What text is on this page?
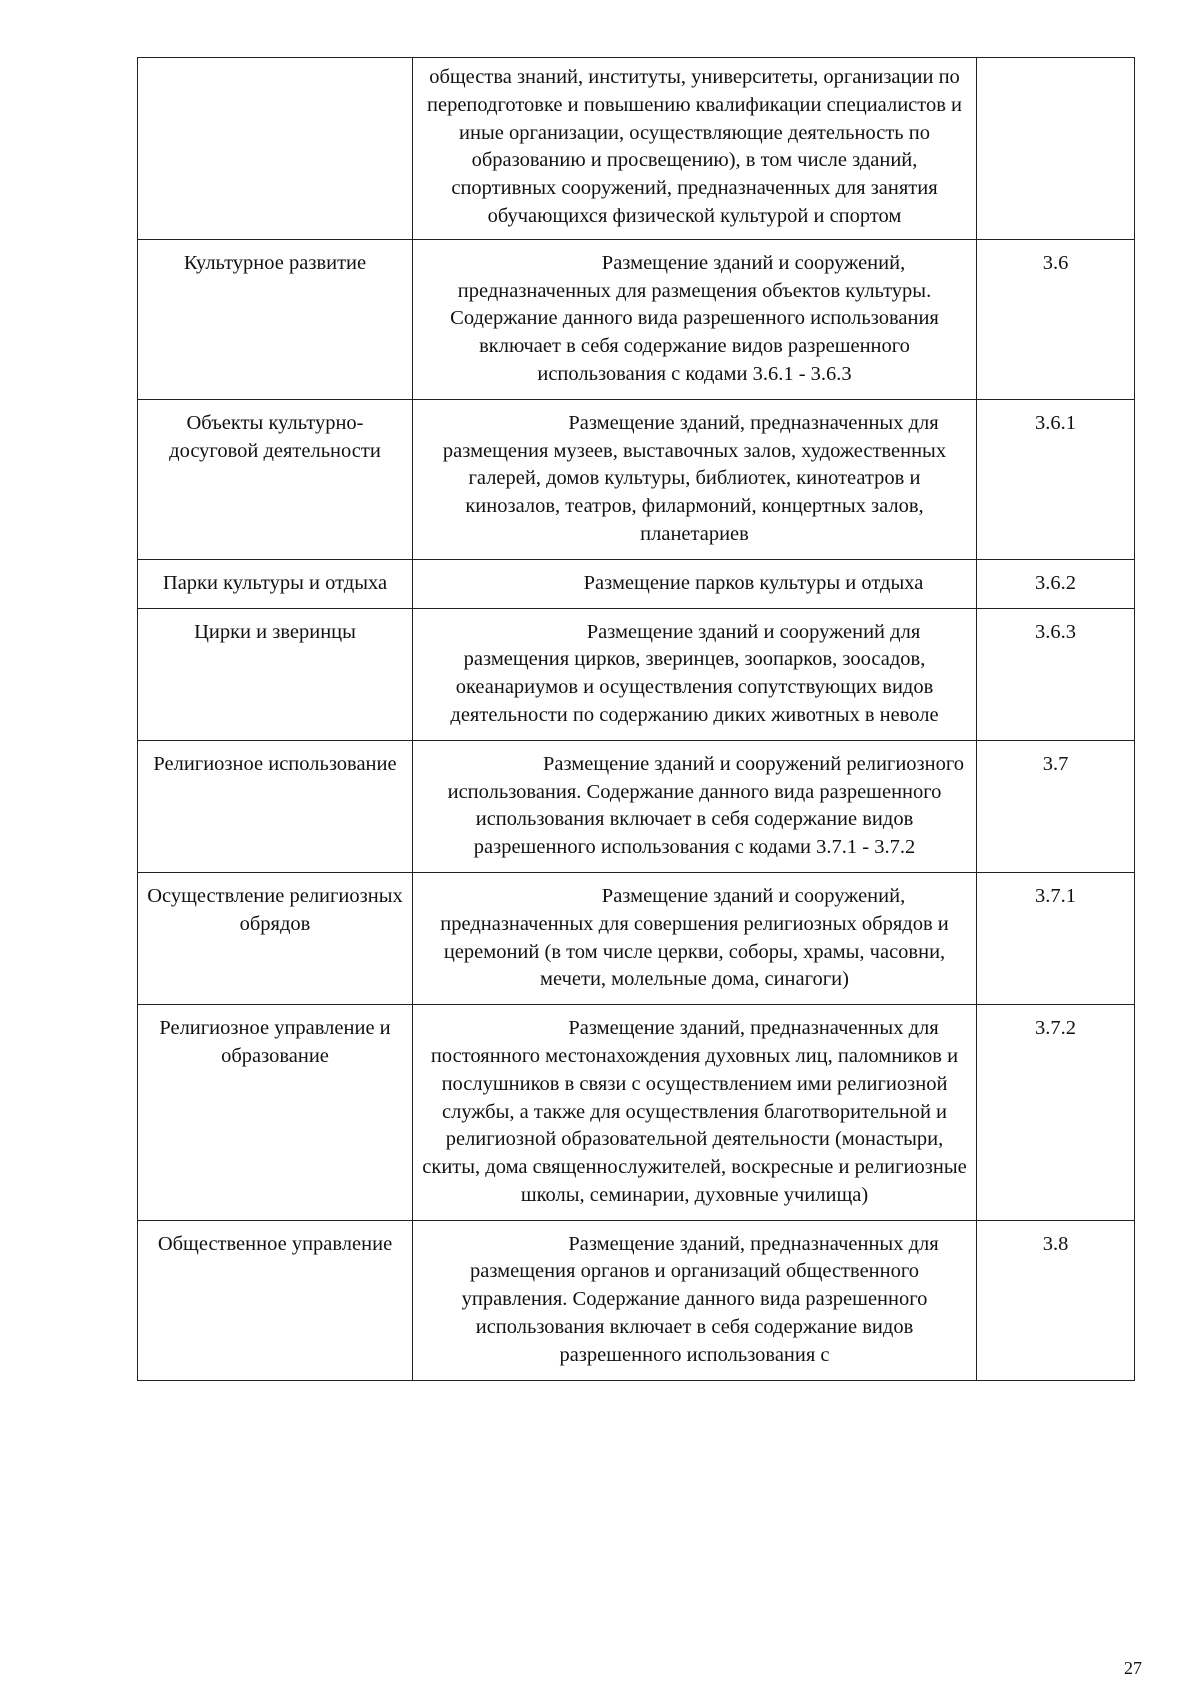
	общества знаний, институты, университеты, организации по переподготовке и повышению квалификации специалистов и иные организации, осуществляющие деятельность по образованию и просвещению), в том числе зданий, спортивных сооружений, предназначенных для занятия обучающихся физической культурой и спортом	
Культурное развитие	Размещение зданий и сооружений, предназначенных для размещения объектов культуры. Содержание данного вида разрешенного использования включает в себя содержание видов разрешенного использования с кодами 3.6.1 - 3.6.3	3.6
Объекты культурно-досуговой деятельности	Размещение зданий, предназначенных для размещения музеев, выставочных залов, художественных галерей, домов культуры, библиотек, кинотеатров и кинозалов, театров, филармоний, концертных залов, планетариев	3.6.1
Парки культуры и отдыха	Размещение парков культуры и отдыха	3.6.2
Цирки и зверинцы	Размещение зданий и сооружений для размещения цирков, зверинцев, зоопарков, зоосадов, океанариумов и осуществления сопутствующих видов деятельности по содержанию диких животных в неволе	3.6.3
Религиозное использование	Размещение зданий и сооружений религиозного использования. Содержание данного вида разрешенного использования включает в себя содержание видов разрешенного использования с кодами 3.7.1 - 3.7.2	3.7
Осуществление религиозных обрядов	Размещение зданий и сооружений, предназначенных для совершения религиозных обрядов и церемоний (в том числе церкви, соборы, храмы, часовни, мечети, молельные дома, синагоги)	3.7.1
Религиозное управление и образование	Размещение зданий, предназначенных для постоянного местонахождения духовных лиц, паломников и послушников в связи с осуществлением ими религиозной службы, а также для осуществления благотворительной и религиозной образовательной деятельности (монастыри, скиты, дома священнослужителей, воскресные и религиозные школы, семинарии, духовные училища)	3.7.2
Общественное управление	Размещение зданий, предназначенных для размещения органов и организаций общественного управления. Содержание данного вида разрешенного использования включает в себя содержание видов разрешенного использования с	3.8
27
